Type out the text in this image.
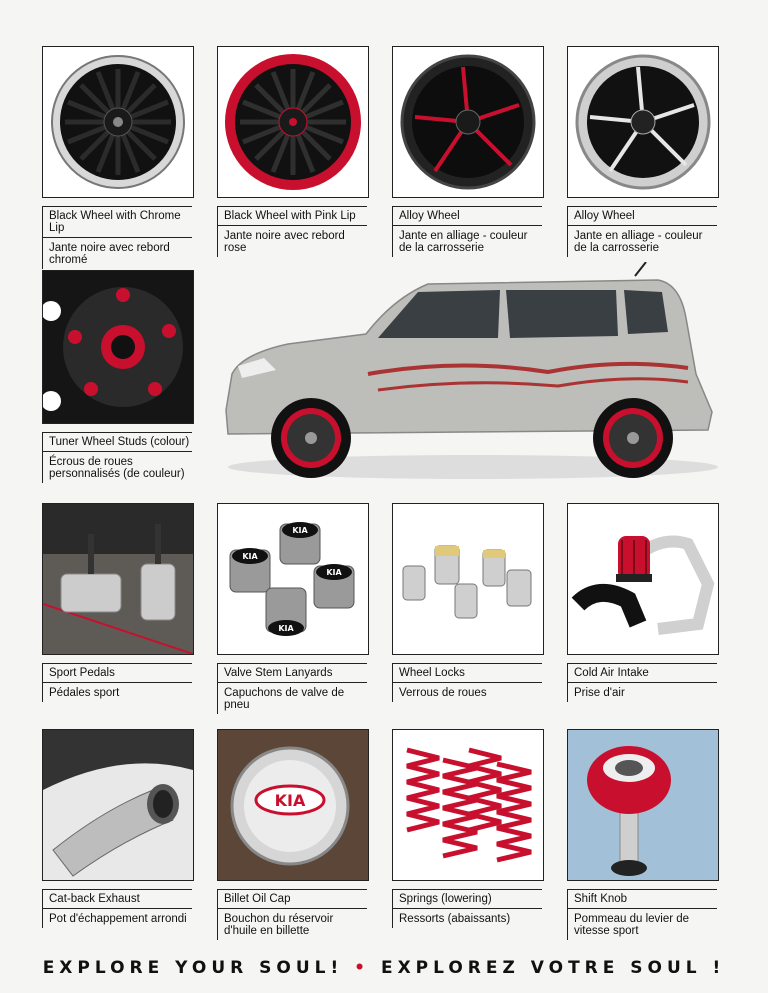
Black Wheel with Chrome Lip
Jante noire avec rebord chromé
Black Wheel with Pink Lip
Jante noire avec rebord rose
Alloy Wheel
Jante en alliage - couleur de la carrosserie
Alloy Wheel
Jante en alliage - couleur de la carrosserie
Tuner Wheel Studs (colour)
Écrous de roues personnalisés (de couleur)
Sport Pedals
Pédales sport
KIA
KIA
KIA
KIA
Valve Stem Lanyards
Capuchons de valve de pneu
Wheel Locks
Verrous de roues
Cold Air Intake
Prise d'air
Cat-back Exhaust
Pot d'échappement arrondi
KIA
Billet Oil Cap
Bouchon du réservoir d'huile en billette
Springs (lowering)
Ressorts (abaissants)
Shift Knob
Pommeau du levier de vitesse sport
EXPLORE YOUR SOUL! • EXPLOREZ VOTRE SOUL !
